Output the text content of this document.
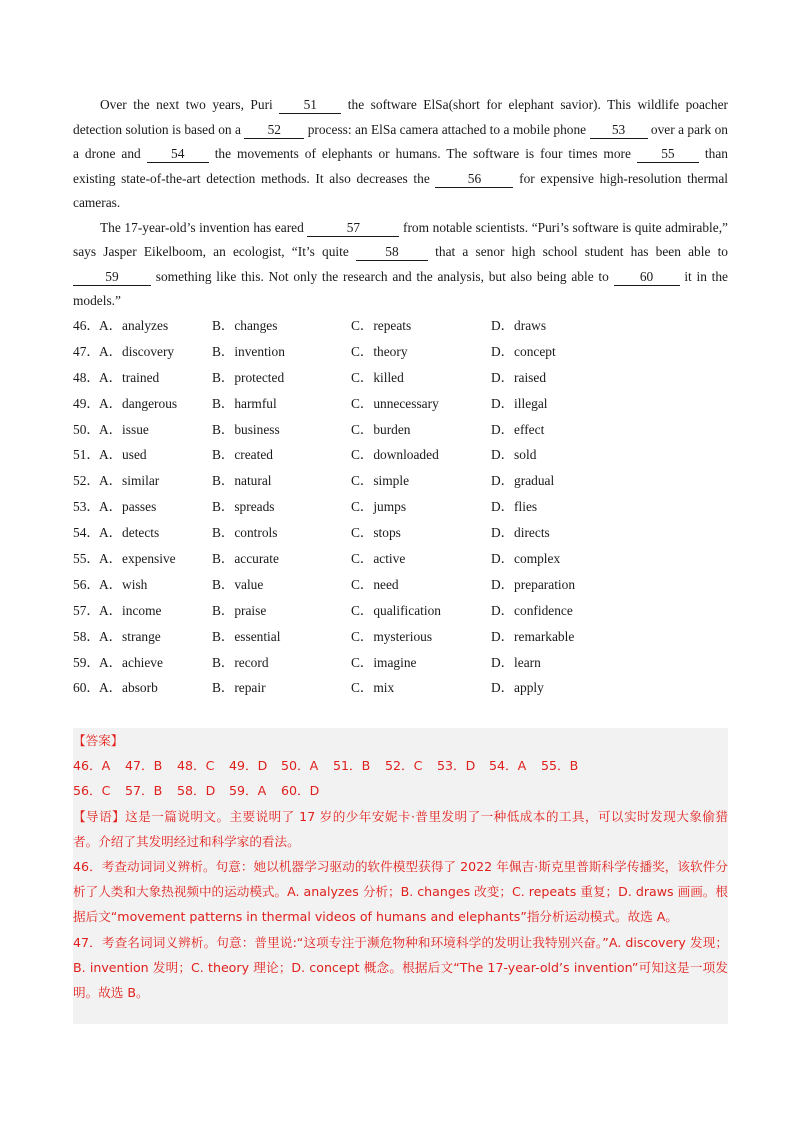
Over the next two years, Puri 51 the software ElSa(short for elephant savior). This wildlife poacher detection solution is based on a 52 process: an ElSa camera attached to a mobile phone 53 over a park on a drone and 54 the movements of elephants or humans. The software is four times more 55 than existing state-of-the-art detection methods. It also decreases the	56	for expensive high-resolution thermal cameras.

The 17-year-old’s invention has eared	57	from notable scientists. “Puri’s software is quite admirable,” says Jasper Eikelboom, an ecologist, “It’s quite	58	that a senor high school student has been able to 59	something like this. Not only the research and the analysis, but also being able to 60 it in the models.”

46． A．analyzes	B．changes	C．repeats	D．draws
47． A．discovery	B．invention	C．theory	D．concept
48． A．trained	B．protected	C．killed	D．raised
49． A．dangerous	B．harmful	C．unnecessary	D．illegal
50． A．issue	B．business	C．burden	D．effect
51． A．used	B．created	C．downloaded	D．sold
52． A．similar	B．natural	C．simple	D．gradual
53． A．passes	B．spreads	C．jumps	D．flies
54． A．detects	B．controls	C．stops	D．directs
55． A．expensive	B．accurate	C．active	D．complex
56． A．wish	B．value	C．need	D．preparation
57． A．income	B．praise	C．qualification	D．confidence
58． A．strange	B．essential	C．mysterious	D．remarkable
59． A．achieve	B．record	C．imagine	D．learn
60． A．absorb	B．repair	C．mix	D．apply
【答案】
46．A 47．B 48．C 49．D 50．A 51．B 52．C 53．D 54．A 55．B
56．C 57．B 58．D 59．A 60．D
【导语】这是一篇说明文。主要说明了 17 岁的少年安妮卡·普里发明了一种低成本的工具，可以实时发现大象偷猎者。介绍了其发明经过和科学家的看法。
46．考查动词词义辨析。句意：她以机器学习驱动的软件模型获得了 2022 年佩吉·斯克里普斯科学传播奖，该软件分析了人类和大象热视频中的运动模式。A. analyzes 分析；B. changes 改变；C. repeats 重复；D. draws 画画。根据后文“movement patterns in thermal videos of humans and elephants”指分析运动模式。故选 A。
47．考查名词词义辨析。句意：普里说:“这项专注于濒危物种和环境科学的发明让我特别兴奋。”A. discovery 发现；B. invention 发明；C. theory 理论；D. concept 概念。根据后文“The 17-year-old’s invention”可知这是一项发明。故选 B。
